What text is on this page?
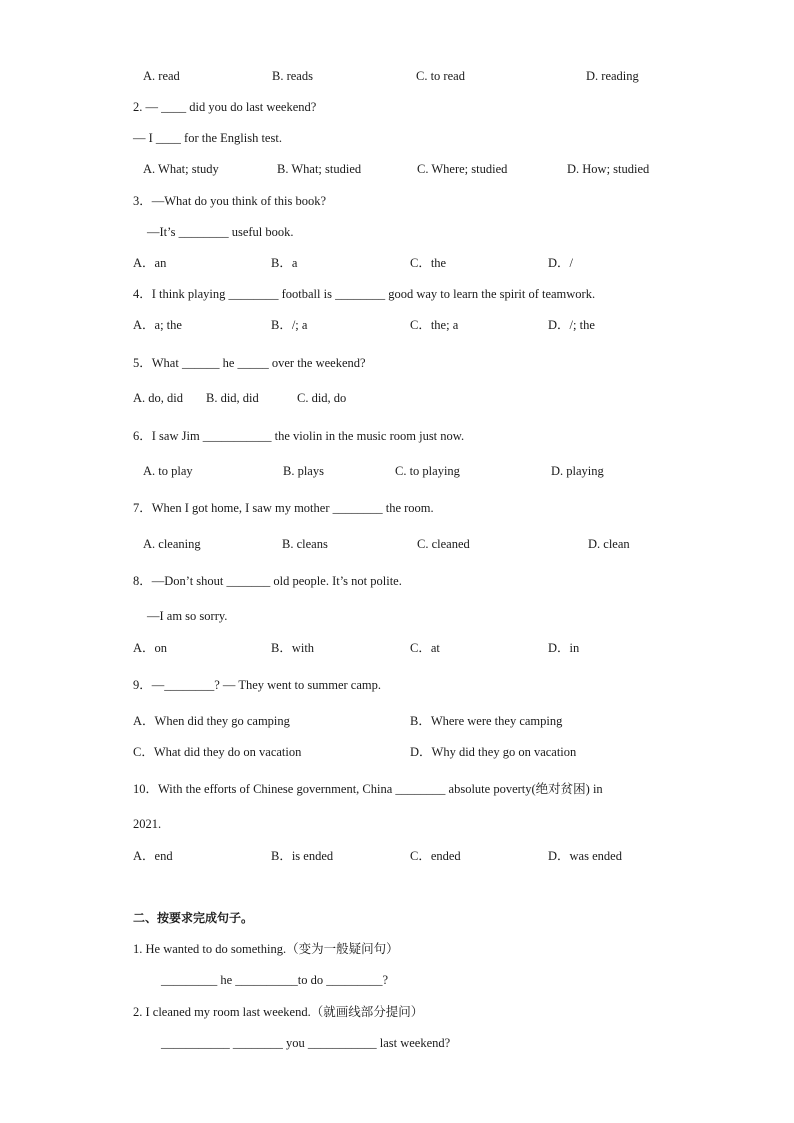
A. read	B. reads	C. to read	D. reading
2. — ____ did you do last weekend?
— I ____ for the English test.
A. What; study	B. What; studied	C. Where; studied	D. How; studied
3．—What do you think of this book?
—It’s ________ useful book.
A．an	B．a	C．the	D．/
4．I think playing ________ football is ________ good way to learn the spirit of teamwork.
A．a; the	B．/; a	C．the; a	D．/; the
5．What ______ he _____ over the weekend?
A. do, did B. did, did	C. did, do
6．I saw Jim ___________ the violin in the music room just now.
A. to play	B. plays	C. to playing	D. playing
7．When I got home, I saw my mother ________ the room.
A. cleaning	B. cleans	C. cleaned	D. clean
8．—Don’t shout _______ old people. It’s not polite.
—I am so sorry.
A．on	B．with	C．at	D．in
9．—________? — They went to summer camp.
A．When did they go camping	B．Where were they camping
C．What did they do on vacation	D．Why did they go on vacation
10．With the efforts of Chinese government, China ________ absolute poverty(绝对贫困) in
2021.
A．end	B．is ended	C．ended	D．was ended
二、按要求完成句子。
1. He wanted to do something.（变为一般疑问句）
_________ he __________to do _________?
2. I cleaned my room last weekend.（就画线部分提问）
___________ ________ you ___________ last weekend?
